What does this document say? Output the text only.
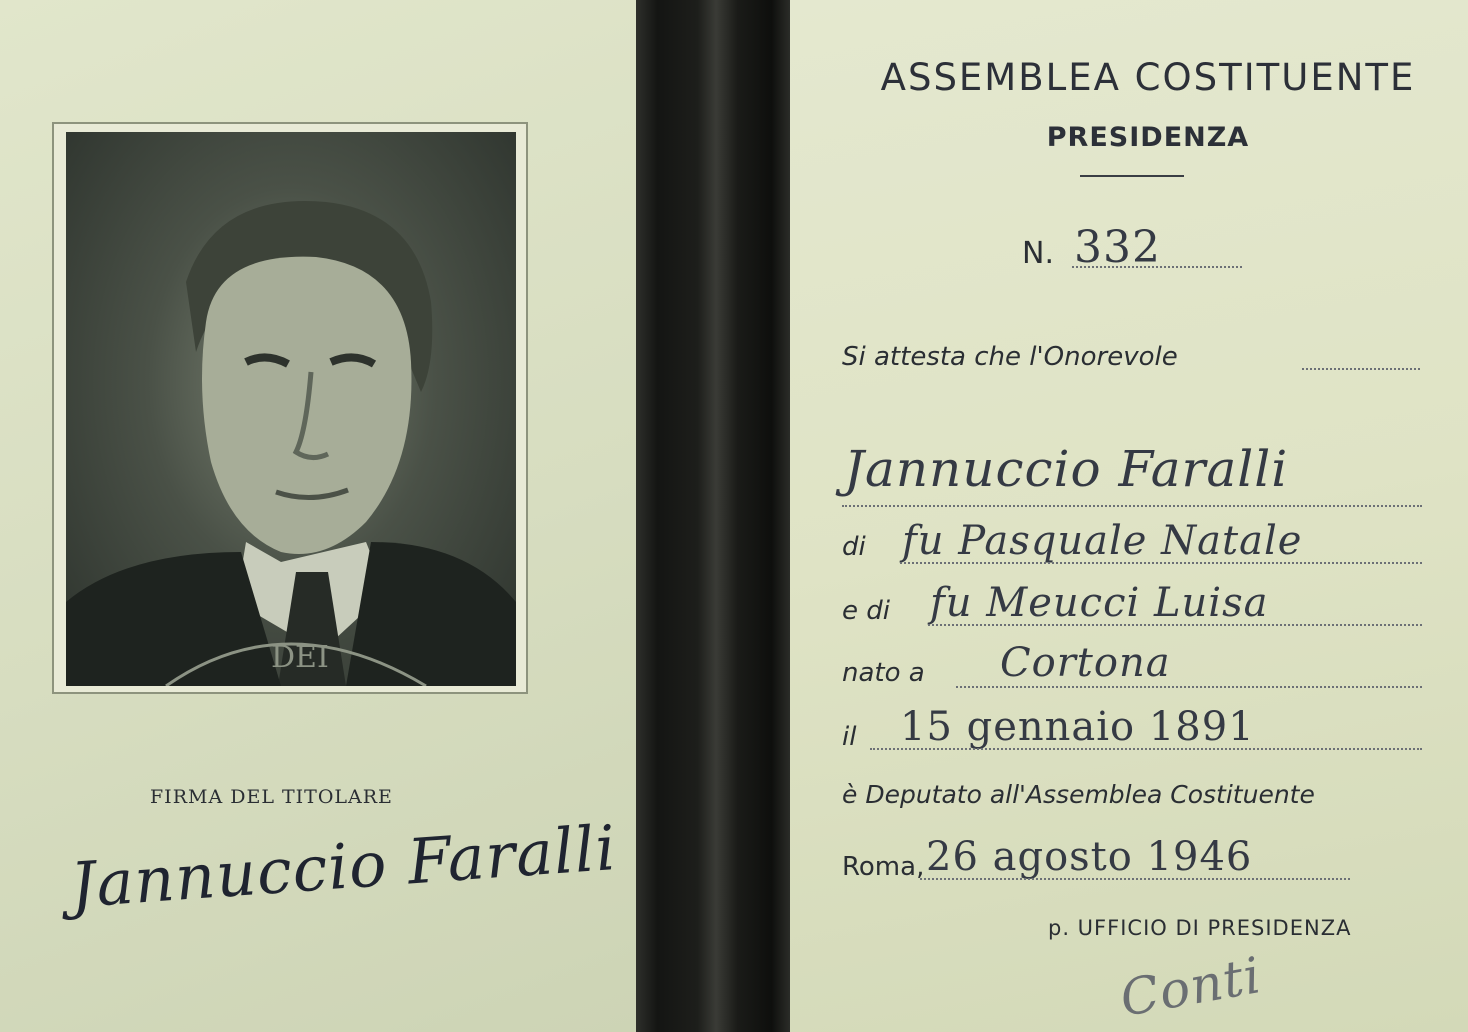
DEI
FIRMA DEL TITOLARE
Jannuccio Faralli
ASSEMBLEA COSTITUENTE
PRESIDENZA
N. 332
Si attesta che l'Onorevole
Jannuccio Faralli
di fu Pasquale Natale
e di fu Meucci Luisa
nato a Cortona
il 15 gennaio 1891
è Deputato all'Assemblea Costituente
Roma, 26 agosto 1946
p. UFFICIO DI PRESIDENZA
Conti
